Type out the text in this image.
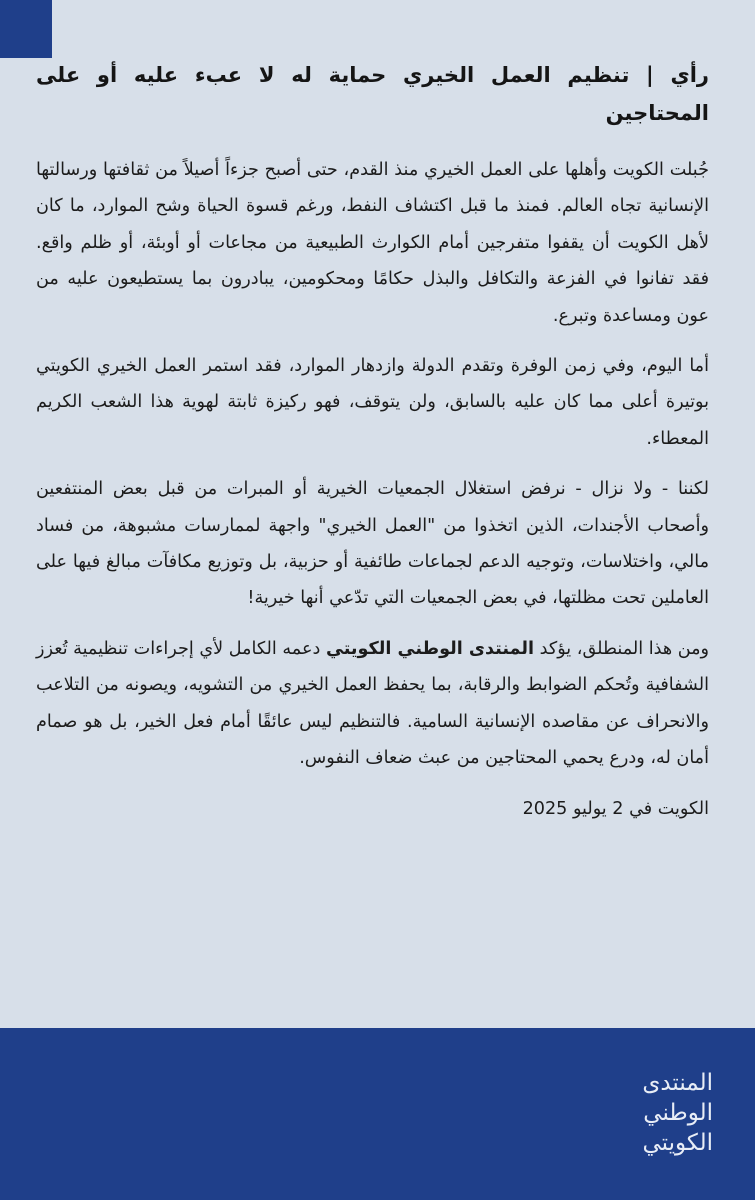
رأي | تنظيم العمل الخيري حماية له لا عبء عليه أو على المحتاجين

جُبلت الكويت وأهلها على العمل الخيري منذ القدم، حتى أصبح جزءاً أصيلاً من ثقافتها ورسالتها الإنسانية تجاه العالم. فمنذ ما قبل اكتشاف النفط، ورغم قسوة الحياة وشح الموارد، ما كان لأهل الكويت أن يقفوا متفرجين أمام الكوارث الطبيعية من مجاعات أو أوبئة، أو ظلم واقع. فقد تفانوا في الفزعة والتكافل والبذل حكامًا ومحكومين، يبادرون بما يستطيعون عليه من عون ومساعدة وتبرع.

أما اليوم، وفي زمن الوفرة وتقدم الدولة وازدهار الموارد، فقد استمر العمل الخيري الكويتي بوتيرة أعلى مما كان عليه بالسابق، ولن يتوقف، فهو ركيزة ثابتة لهوية هذا الشعب الكريم المعطاء.

لكننا - ولا نزال - نرفض استغلال الجمعيات الخيرية أو المبرات من قبل بعض المنتفعين وأصحاب الأجندات، الذين اتخذوا من "العمل الخيري" واجهة لممارسات مشبوهة، من فساد مالي، واختلاسات، وتوجيه الدعم لجماعات طائفية أو حزبية، بل وتوزيع مكافآت مبالغ فيها على العاملين تحت مظلتها، في بعض الجمعيات التي تدّعي أنها خيرية!

ومن هذا المنطلق، يؤكد المنتدى الوطني الكويتي دعمه الكامل لأي إجراءات تنظيمية تُعزز الشفافية وتُحكم الضوابط والرقابة، بما يحفظ العمل الخيري من التشويه، ويصونه من التلاعب والانحراف عن مقاصده الإنسانية السامية. فالتنظيم ليس عائقًا أمام فعل الخير، بل هو صمام أمان له، ودرع يحمي المحتاجين من عبث ضعاف النفوس.

الكويت في 2 يوليو 2025

المنتدى
الوطني
الكويتي
